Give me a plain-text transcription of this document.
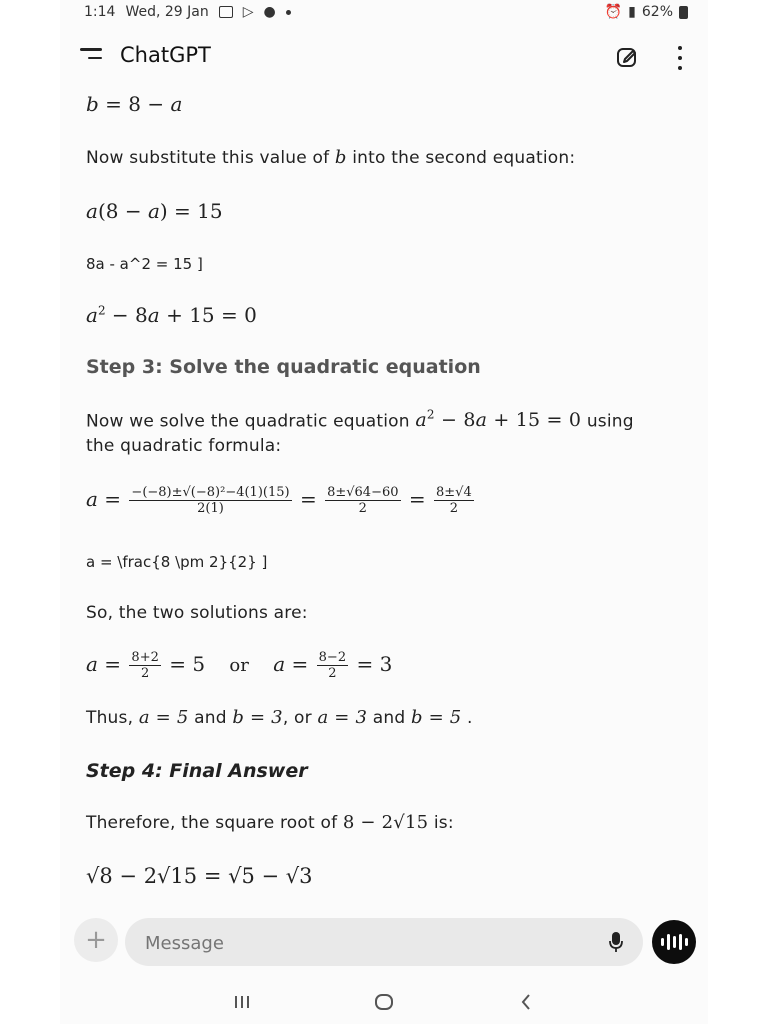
1:14 Wed, 29 Jan ▷ ●	⏰ ▮ 62%
ChatGPT
b = 8 − a
Now substitute this value of b into the second equation:
a(8 − a) = 15
8a - a^2 = 15 ]
$a^2 - 8a + 15 = 0$
Step 3: Solve the quadratic equation
Now we solve the quadratic equation $a^2 - 8a + 15 = 0$ using
the quadratic formula:
$a = \frac{\text{−(−8)±√(−8)²−4(1)(15)}}{2(1)} = \frac{8\pm√64-60}{2} = \frac{8\pm√4}{2}$
a = \frac{8 \pm 2}{2} ]
So, the two solutions are:
$a = \frac{8+2}{2} = 5$ or $a = \frac{8-2}{2} = 3$
Thus, a = 5 and b = 3, or a = 3 and b = 5 .
Step 4: Final Answer
Therefore, the square root of 8 − 2√15 is:
√8 − 2√15 = √5 − √3
+
Message
